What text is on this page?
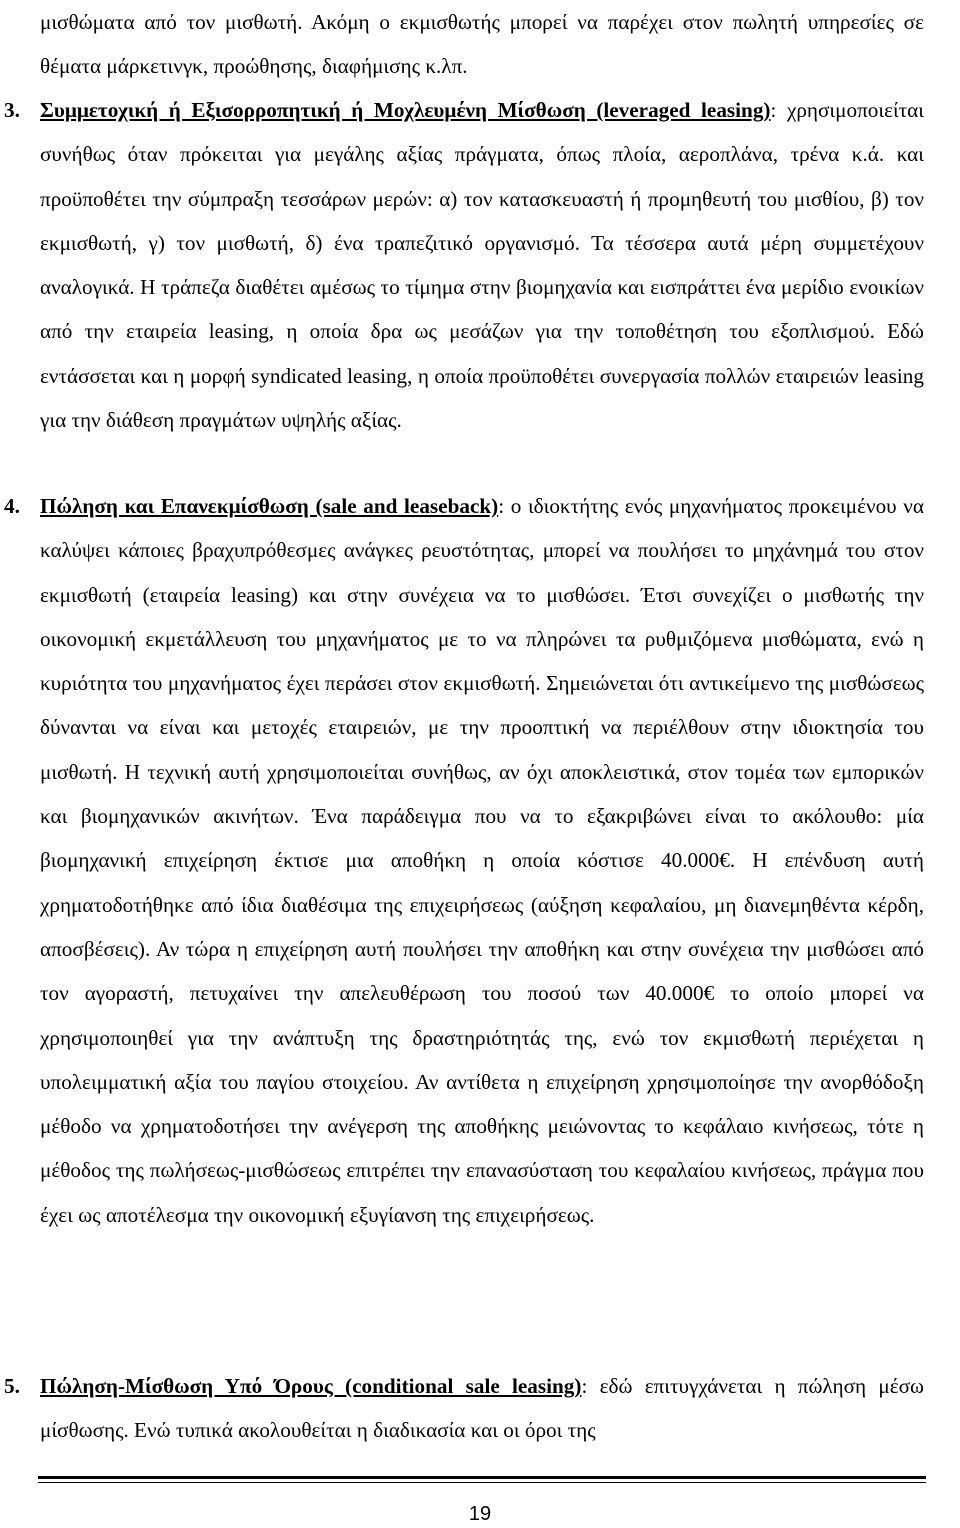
μισθώματα από τον μισθωτή. Ακόμη ο εκμισθωτής μπορεί να παρέχει στον πωλητή υπηρεσίες σε θέματα μάρκετινγκ, προώθησης, διαφήμισης κ.λπ.

3. Συμμετοχική ή Εξισορροπητική ή Μοχλευμένη Μίσθωση (leveraged leasing): χρησιμοποιείται συνήθως όταν πρόκειται για μεγάλης αξίας πράγματα, όπως πλοία, αεροπλάνα, τρένα κ.ά. και προϋποθέτει την σύμπραξη τεσσάρων μερών: α) τον κατασκευαστή ή προμηθευτή του μισθίου, β) τον εκμισθωτή, γ) τον μισθωτή, δ) ένα τραπεζιτικό οργανισμό. Τα τέσσερα αυτά μέρη συμμετέχουν αναλογικά. Η τράπεζα διαθέτει αμέσως το τίμημα στην βιομηχανία και εισπράττει ένα μερίδιο ενοικίων από την εταιρεία leasing, η οποία δρα ως μεσάζων για την τοποθέτηση του εξοπλισμού. Εδώ εντάσσεται και η μορφή syndicated leasing, η οποία προϋποθέτει συνεργασία πολλών εταιρειών leasing για την διάθεση πραγμάτων υψηλής αξίας.
4. Πώληση και Επανεκμίσθωση (sale and leaseback): ο ιδιοκτήτης ενός μηχανήματος προκειμένου να καλύψει κάποιες βραχυπρόθεσμες ανάγκες ρευστότητας, μπορεί να πουλήσει το μηχάνημά του στον εκμισθωτή (εταιρεία leasing) και στην συνέχεια να το μισθώσει. Έτσι συνεχίζει ο μισθωτής την οικονομική εκμετάλλευση του μηχανήματος με το να πληρώνει τα ρυθμιζόμενα μισθώματα, ενώ η κυριότητα του μηχανήματος έχει περάσει στον εκμισθωτή. Σημειώνεται ότι αντικείμενο της μισθώσεως δύνανται να είναι και μετοχές εταιρειών, με την προοπτική να περιέλθουν στην ιδιοκτησία του μισθωτή. Η τεχνική αυτή χρησιμοποιείται συνήθως, αν όχι αποκλειστικά, στον τομέα των εμπορικών και βιομηχανικών ακινήτων. Ένα παράδειγμα που να το εξακριβώνει είναι το ακόλουθο: μία βιομηχανική επιχείρηση έκτισε μια αποθήκη η οποία κόστισε 40.000€. Η επένδυση αυτή χρηματοδοτήθηκε από ίδια διαθέσιμα της επιχειρήσεως (αύξηση κεφαλαίου, μη διανεμηθέντα κέρδη, αποσβέσεις). Αν τώρα η επιχείρηση αυτή πουλήσει την αποθήκη και στην συνέχεια την μισθώσει από τον αγοραστή, πετυχαίνει την απελευθέρωση του ποσού των 40.000€ το οποίο μπορεί να χρησιμοποιηθεί για την ανάπτυξη της δραστηριότητάς της, ενώ τον εκμισθωτή περιέχεται η υπολειμματική αξία του παγίου στοιχείου. Αν αντίθετα η επιχείρηση χρησιμοποίησε την ανορθόδοξη μέθοδο να χρηματοδοτήσει την ανέγερση της αποθήκης μειώνοντας το κεφάλαιο κινήσεως, τότε η μέθοδος της πωλήσεως-μισθώσεως επιτρέπει την επανασύσταση του κεφαλαίου κινήσεως, πράγμα που έχει ως αποτέλεσμα την οικονομική εξυγίανση της επιχειρήσεως.
5. Πώληση-Μίσθωση Υπό Όρους (conditional sale leasing): εδώ επιτυγχάνεται η πώληση μέσω μίσθωσης. Ενώ τυπικά ακολουθείται η διαδικασία και οι όροι της
19
